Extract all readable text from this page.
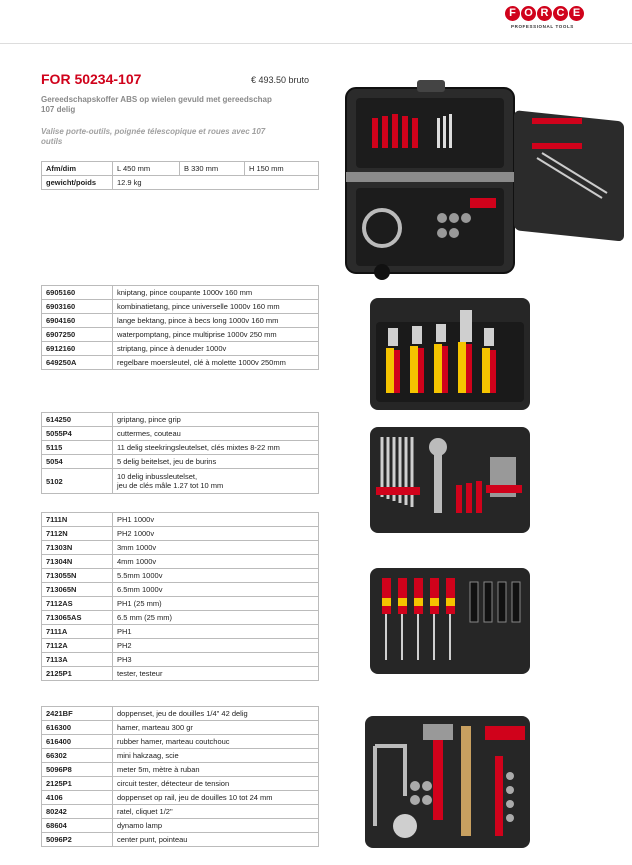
F O R C E
PROFESSIONAL TOOLS
FOR 50234-107	€ 493.50 bruto
Gereedschapskoffer ABS op wielen gevuld met gereedschap 107 delig
Valise porte-outils, poignée télescopique et roues avec 107 outils
Afm/dim	L 450 mm	B 330 mm	H 150 mm
gewicht/poids	12.9 kg		
6905160	kniptang, pince coupante 1000v 160 mm
6903160	kombinatietang, pince universelle 1000v 160 mm
6904160	lange bektang, pince à becs long 1000v 160 mm
6907250	waterpomptang, pince multiprise 1000v 250 mm
6912160	striptang, pince à denuder 1000v
649250A	regelbare moersleutel, clé à molette 1000v 250mm
614250	griptang, pince grip
5055P4	cuttermes, couteau
5115	11 delig steekringsleutelset, clés mixtes 8-22 mm
5054	5 delig beitelset, jeu de burins
5102	10 delig inbussleutelset,
jeu de clés mâle 1.27 tot 10 mm
7111N	PH1 1000v
7112N	PH2 1000v
71303N	3mm 1000v
71304N	4mm 1000v
713055N	5.5mm 1000v
713065N	6.5mm 1000v
7112AS	PH1 (25 mm)
713065AS	6.5 mm (25 mm)
7111A	PH1
7112A	PH2
7113A	PH3
2125P1	tester, testeur
2421BF	doppenset, jeu de douilles 1/4" 42 delig
616300	hamer, marteau 300 gr
616400	rubber hamer, marteau coutchouc
66302	mini hakzaag, scie
5096P8	meter 5m, mètre à ruban
2125P1	circuit tester, détecteur de tension
4106	doppenset op rail, jeu de douilles 10 tot 24 mm
80242	ratel, cliquet 1/2"
68604	dynamo lamp
5096P2	center punt, pointeau
